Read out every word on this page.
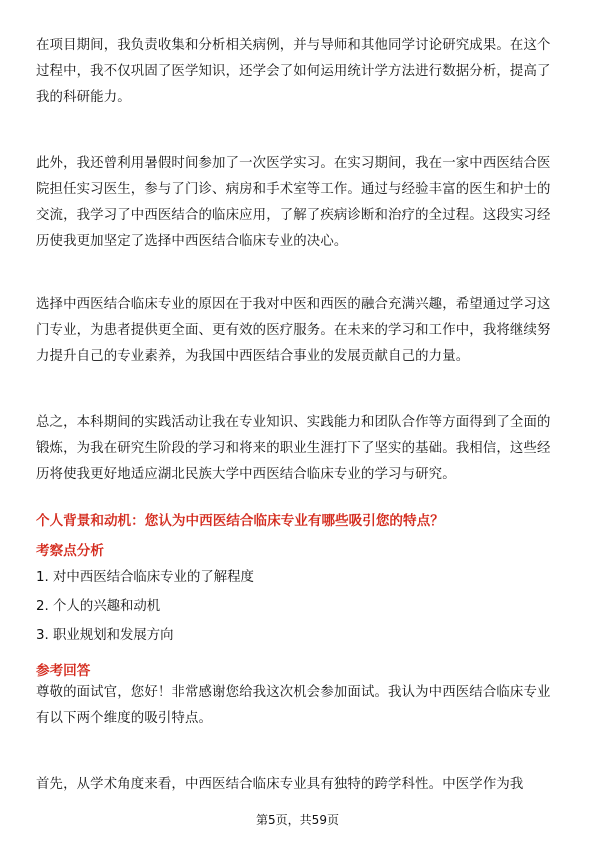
在项目期间，我负责收集和分析相关病例，并与导师和其他同学讨论研究成果。在这个过程中，我不仅巩固了医学知识，还学会了如何运用统计学方法进行数据分析，提高了我的科研能力。

此外，我还曾利用暑假时间参加了一次医学实习。在实习期间，我在一家中西医结合医院担任实习医生，参与了门诊、病房和手术室等工作。通过与经验丰富的医生和护士的交流，我学习了中西医结合的临床应用，了解了疾病诊断和治疗的全过程。这段实习经历使我更加坚定了选择中西医结合临床专业的决心。

选择中西医结合临床专业的原因在于我对中医和西医的融合充满兴趣，希望通过学习这门专业，为患者提供更全面、更有效的医疗服务。在未来的学习和工作中，我将继续努力提升自己的专业素养，为我国中西医结合事业的发展贡献自己的力量。

总之，本科期间的实践活动让我在专业知识、实践能力和团队合作等方面得到了全面的锻炼，为我在研究生阶段的学习和将来的职业生涯打下了坚实的基础。我相信，这些经历将使我更好地适应湖北民族大学中西医结合临床专业的学习与研究。

个人背景和动机：您认为中西医结合临床专业有哪些吸引您的特点？

考察点分析

1. 对中西医结合临床专业的了解程度

2. 个人的兴趣和动机

3. 职业规划和发展方向

参考回答

尊敬的面试官，您好！非常感谢您给我这次机会参加面试。我认为中西医结合临床专业有以下两个维度的吸引特点。

首先，从学术角度来看，中西医结合临床专业具有独特的跨学科性。中医学作为我

第5页，共59页
